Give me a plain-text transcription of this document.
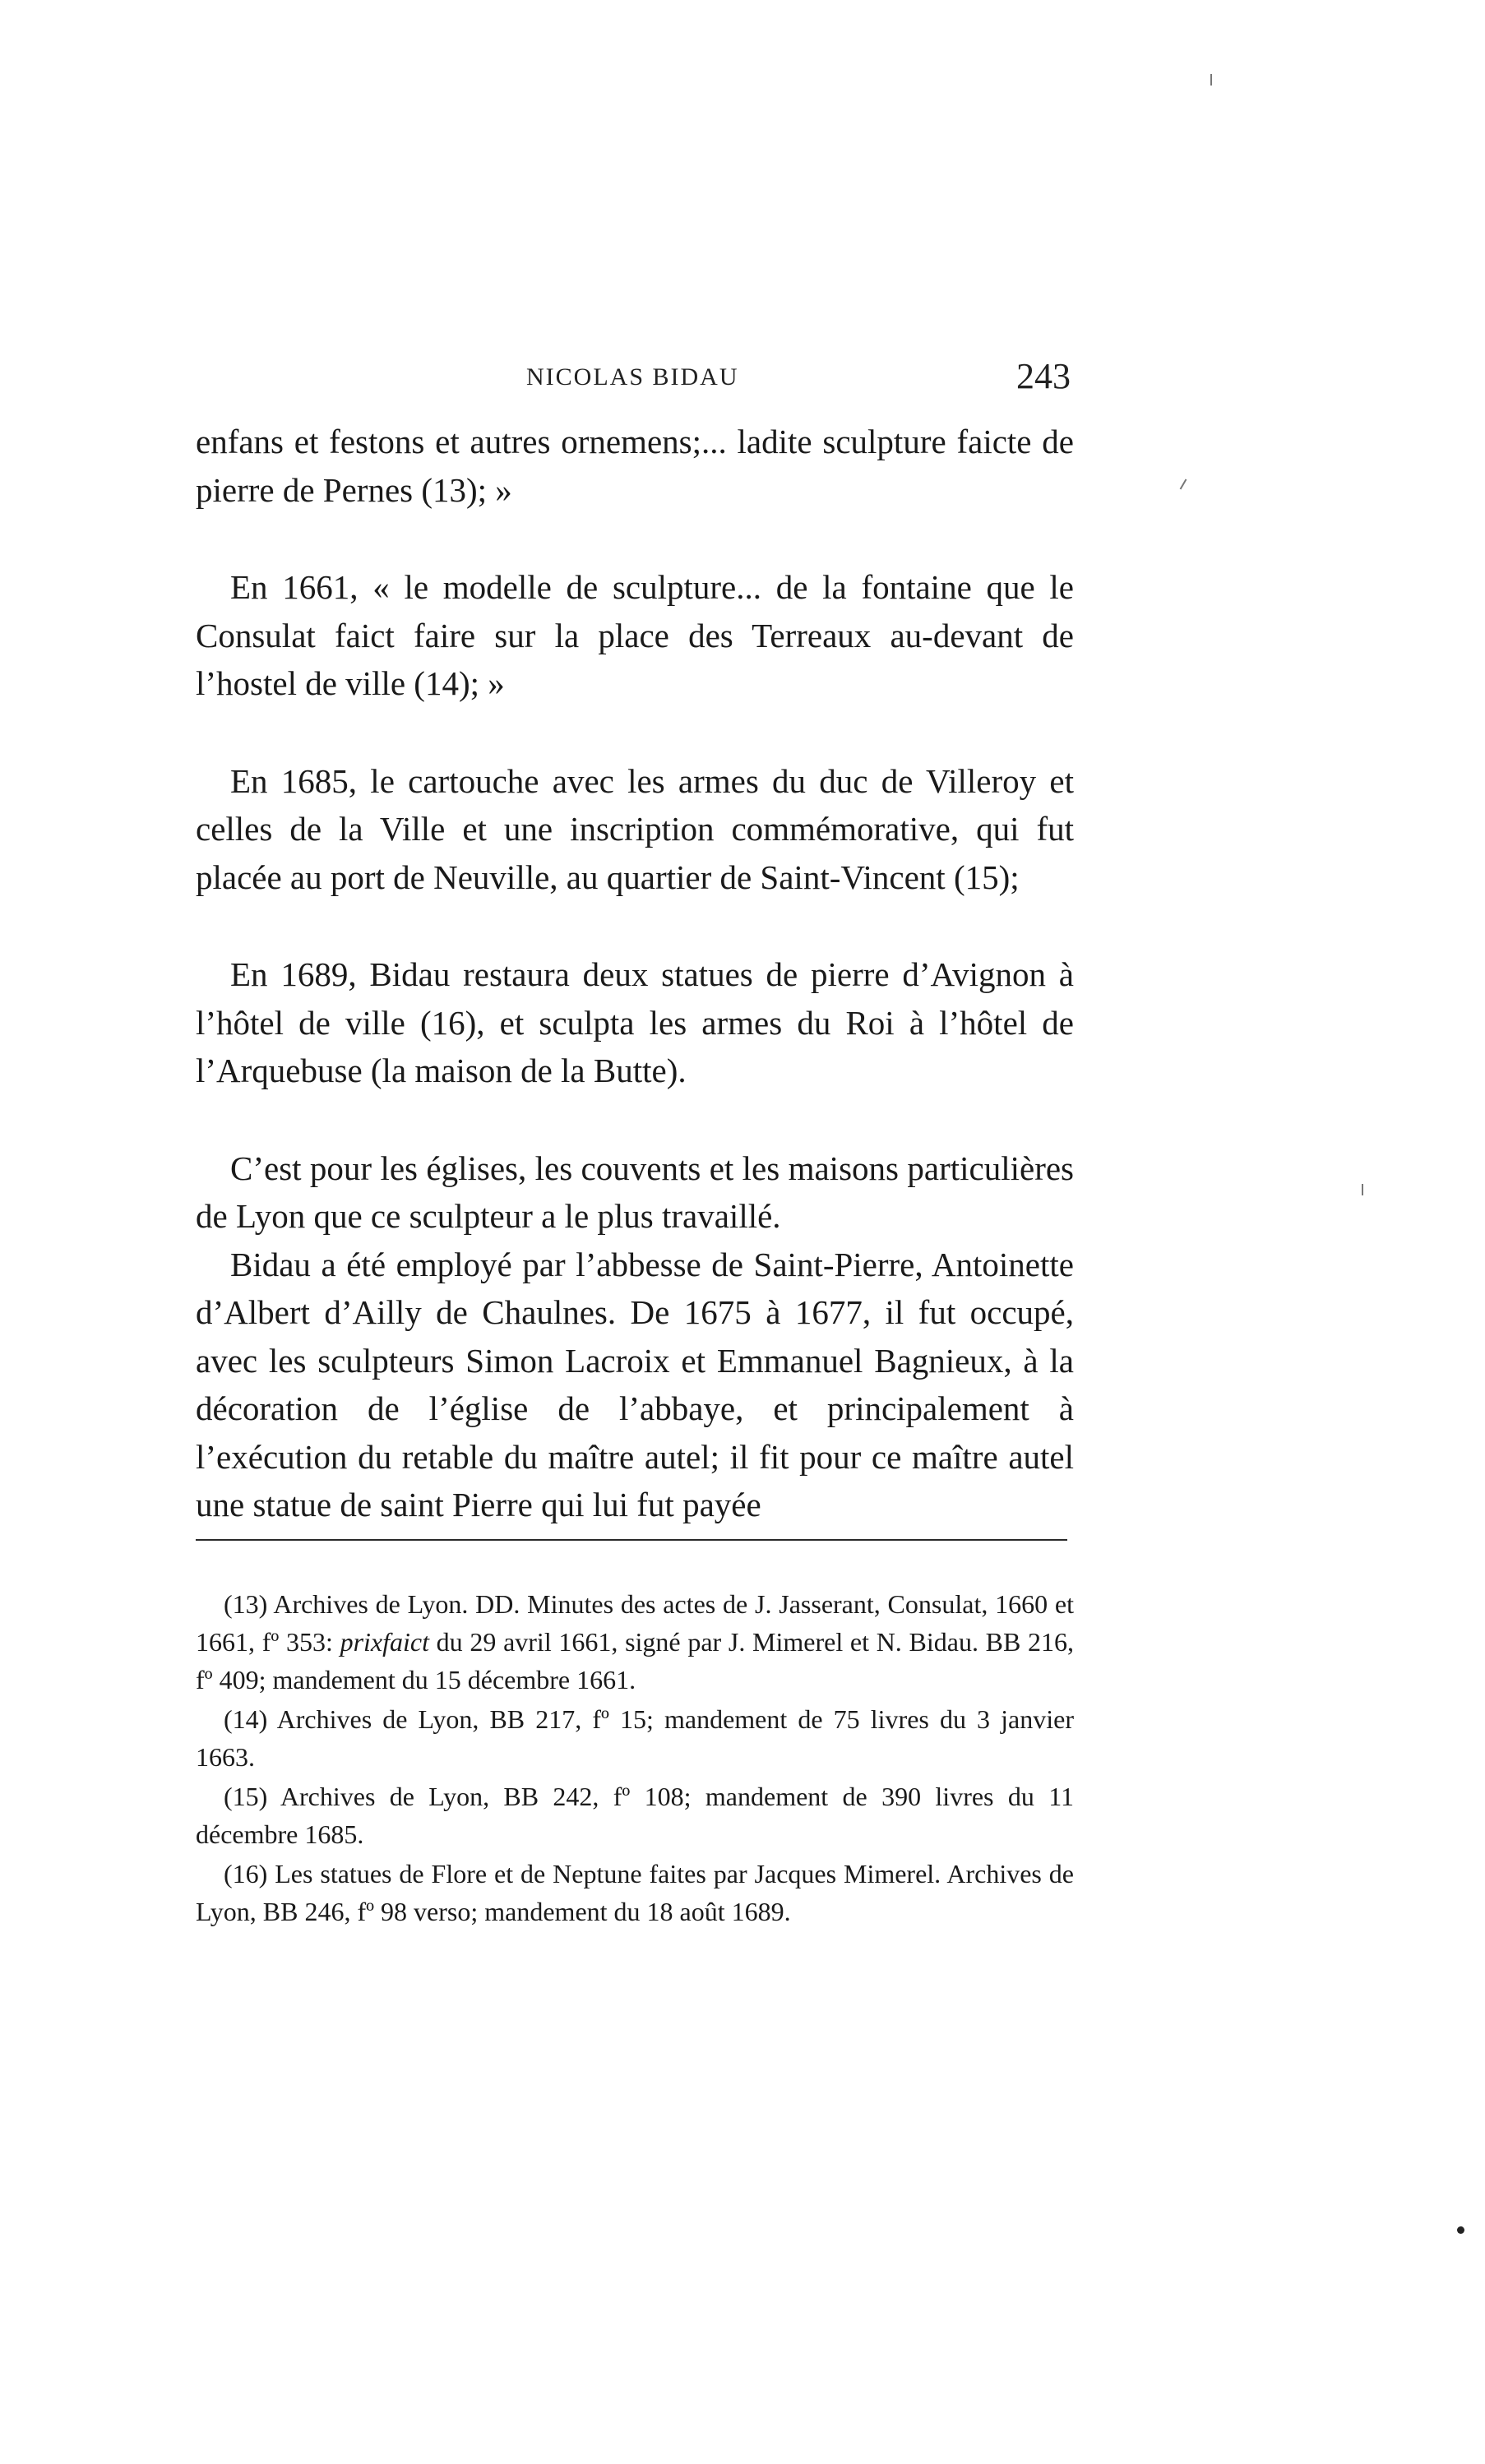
NICOLAS BIDAU	243

enfans et festons et autres ornemens;... ladite sculpture faicte de pierre de Pernes (13); »

En 1661, « le modelle de sculpture... de la fontaine que le Consulat faict faire sur la place des Terreaux au-devant de l’hostel de ville (14); »

En 1685, le cartouche avec les armes du duc de Villeroy et celles de la Ville et une inscription commémorative, qui fut placée au port de Neuville, au quartier de Saint-Vincent (15);

En 1689, Bidau restaura deux statues de pierre d’Avignon à l’hôtel de ville (16), et sculpta les armes du Roi à l’hôtel de l’Arquebuse (la maison de la Butte).

C’est pour les églises, les couvents et les maisons particulières de Lyon que ce sculpteur a le plus travaillé.

Bidau a été employé par l’abbesse de Saint-Pierre, Antoinette d’Albert d’Ailly de Chaulnes. De 1675 à 1677, il fut occupé, avec les sculpteurs Simon Lacroix et Emmanuel Bagnieux, à la décoration de l’église de l’abbaye, et principalement à l’exécution du retable du maître autel; il fit pour ce maître autel une statue de saint Pierre qui lui fut payée

(13) Archives de Lyon. DD. Minutes des actes de J. Jasserant, Consulat, 1660 et 1661, fº 353: prixfaict du 29 avril 1661, signé par J. Mimerel et N. Bidau. BB 216, fº 409; mandement du 15 décembre 1661.

(14) Archives de Lyon, BB 217, fº 15; mandement de 75 livres du 3 janvier 1663.

(15) Archives de Lyon, BB 242, fº 108; mandement de 390 livres du 11 décembre 1685.

(16) Les statues de Flore et de Neptune faites par Jacques Mimerel. Archives de Lyon, BB 246, fº 98 verso; mandement du 18 août 1689.
